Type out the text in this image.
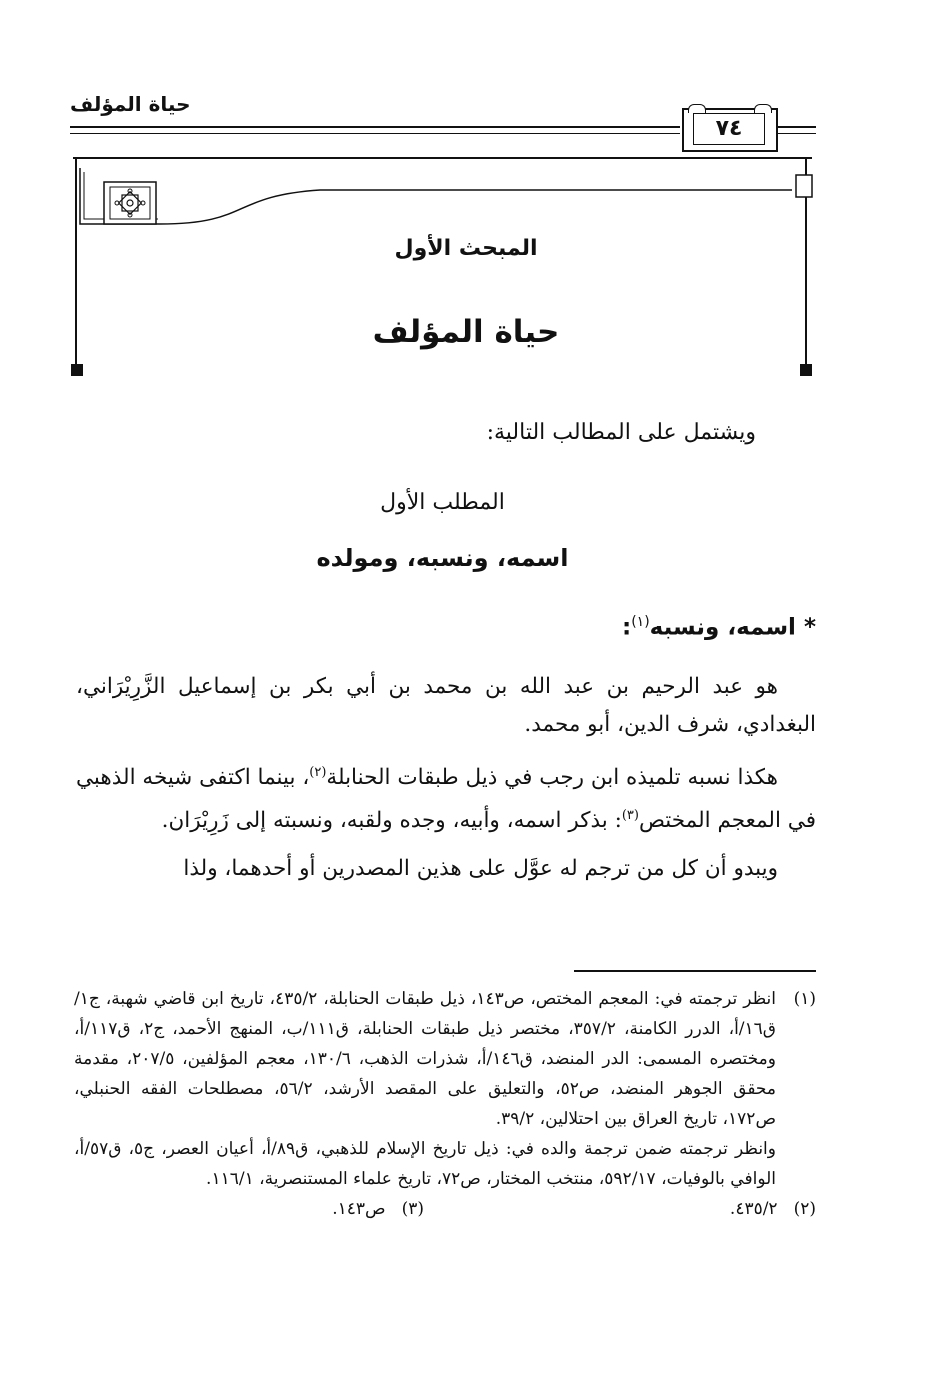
حياة المؤلف
٧٤
المبحث الأول
حياة المؤلف
ويشتمل على المطالب التالية:
المطلب الأول
اسمه، ونسبه، ومولده
* اسمه، ونسبه$^{(١)}$:

هو عبد الرحيم بن عبد الله بن محمد بن أبي بكر بن إسماعيل الزَّرِيْرَاني، البغدادي، شرف الدين، أبو محمد.

هكذا نسبه تلميذه ابن رجب في ذيل طبقات الحنابلة$^{(٢)}$، بينما اكتفى شيخه الذهبي في المعجم المختص$^{(٣)}$: بذكر اسمه، وأبيه، وجده ولقبه، ونسبته إلى زَرِيْرَان.

ويبدو أن كل من ترجم له عوَّل على هذين المصدرين أو أحدهما، ولذا

(١)
انظر ترجمته في: المعجم المختص، ص١٤٣، ذيل طبقات الحنابلة، ٤٣٥/٢، تاريخ ابن قاضي شهبة، ج١/ق١٦/أ، الدرر الكامنة، ٣٥٧/٢، مختصر ذيل طبقات الحنابلة، ق١١١/ب، المنهج الأحمد، ج٢، ق١١٧/أ، ومختصره المسمى: الدر المنضد، ق١٤٦/أ، شذرات الذهب، ١٣٠/٦، معجم المؤلفين، ٢٠٧/٥، مقدمة محقق الجوهر المنضد، ص٥٢، والتعليق على المقصد الأرشد، ٥٦/٢، مصطلحات الفقه الحنبلي، ص١٧٢، تاريخ العراق بين احتلالين، ٣٩/٢.
وانظر ترجمته ضمن ترجمة والده في: ذيل تاريخ الإسلام للذهبي، ق٨٩/أ، أعيان العصر، ج٥، ق٥٧/أ، الوافي بالوفيات، ٥٩٢/١٧، منتخب المختار، ص٧٢، تاريخ علماء المستنصرية، ١١٦/١.
(٢)٤٣٥/٢.
(٣)ص١٤٣.
